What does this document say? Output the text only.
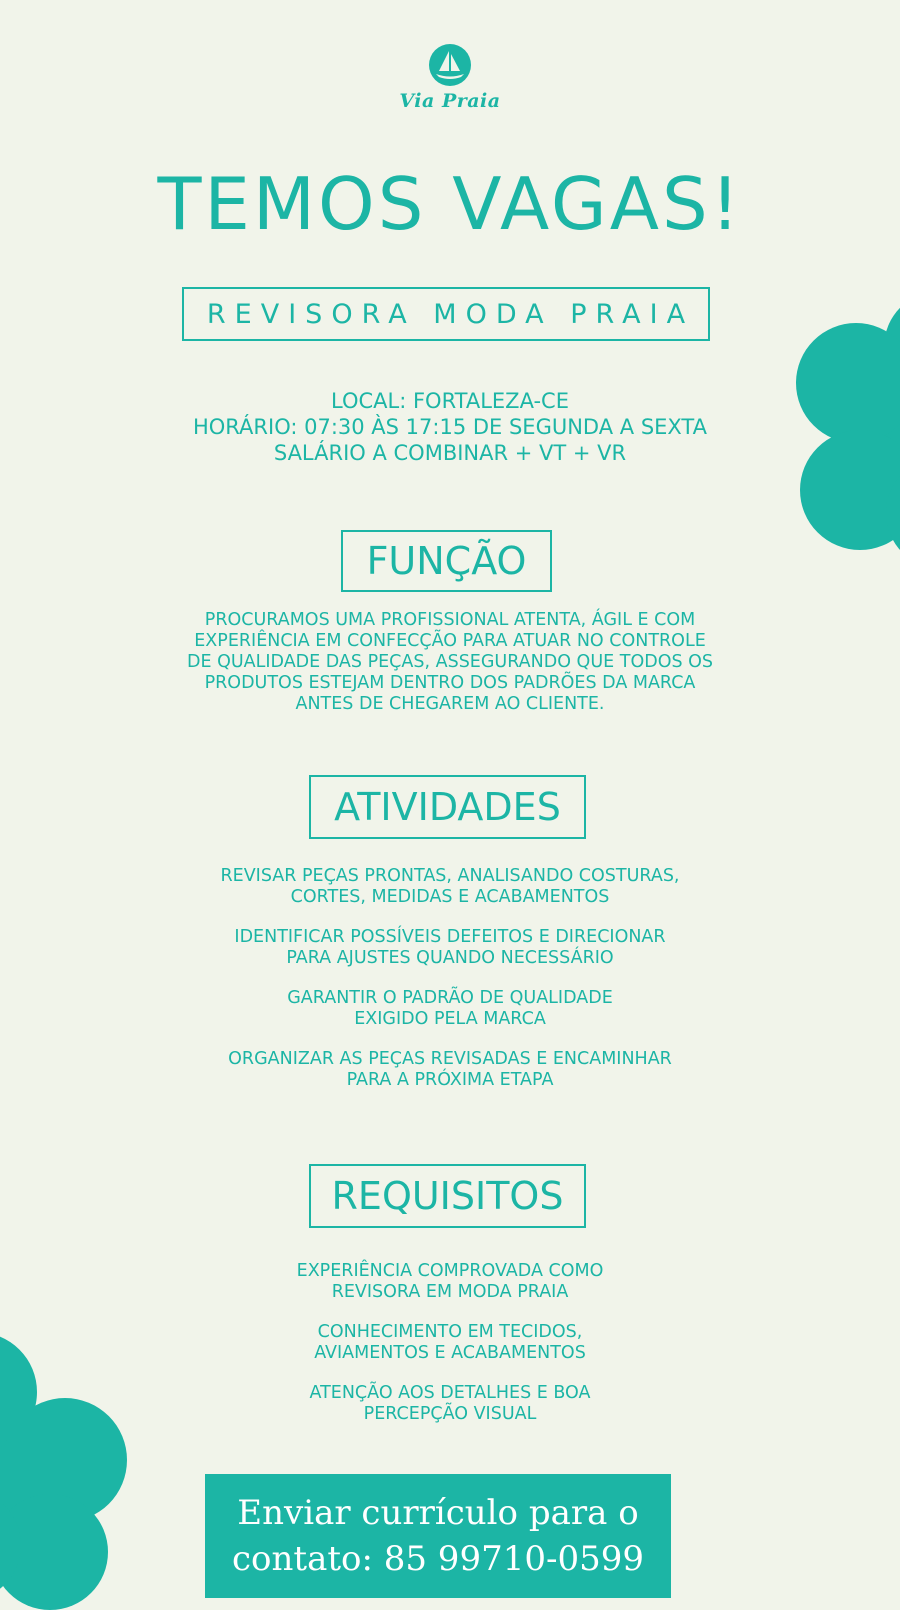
Via Praia
TEMOS VAGAS!
REVISORA MODA PRAIA
LOCAL: FORTALEZA-CE
HORÁRIO: 07:30 ÀS 17:15 DE SEGUNDA A SEXTA
SALÁRIO A COMBINAR + VT + VR
FUNÇÃO
PROCURAMOS UMA PROFISSIONAL ATENTA, ÁGIL E COM
EXPERIÊNCIA EM CONFECÇÃO PARA ATUAR NO CONTROLE
DE QUALIDADE DAS PEÇAS, ASSEGURANDO QUE TODOS OS
PRODUTOS ESTEJAM DENTRO DOS PADRÕES DA MARCA
ANTES DE CHEGAREM AO CLIENTE.
ATIVIDADES
REVISAR PEÇAS PRONTAS, ANALISANDO COSTURAS,
CORTES, MEDIDAS E ACABAMENTOS
IDENTIFICAR POSSÍVEIS DEFEITOS E DIRECIONAR
PARA AJUSTES QUANDO NECESSÁRIO
GARANTIR O PADRÃO DE QUALIDADE
EXIGIDO PELA MARCA
ORGANIZAR AS PEÇAS REVISADAS E ENCAMINHAR
PARA A PRÓXIMA ETAPA
REQUISITOS
EXPERIÊNCIA COMPROVADA COMO
REVISORA EM MODA PRAIA
CONHECIMENTO EM TECIDOS,
AVIAMENTOS E ACABAMENTOS
ATENÇÃO AOS DETALHES E BOA
PERCEPÇÃO VISUAL
Enviar currículo para o
contato: 85 99710-0599
